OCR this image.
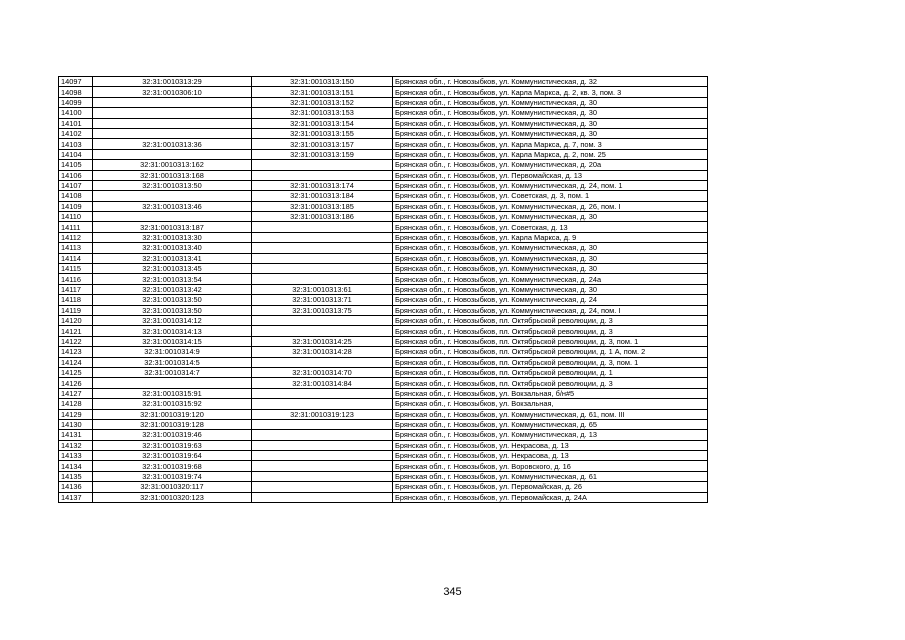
14097	32:31:0010313:29	32:31:0010313:150	Брянская обл., г. Новозыбков, ул. Коммунистическая, д. 32
14098	32:31:0010306:10	32:31:0010313:151	Брянская обл., г. Новозыбков, ул. Карла Маркса, д. 2, кв. 3, пом. 3
14099		32:31:0010313:152	Брянская обл., г. Новозыбков, ул. Коммунистическая, д. 30
14100		32:31:0010313:153	Брянская обл., г. Новозыбков, ул. Коммунистическая, д. 30
14101		32:31:0010313:154	Брянская обл., г. Новозыбков, ул. Коммунистическая, д. 30
14102		32:31:0010313:155	Брянская обл., г. Новозыбков, ул. Коммунистическая, д. 30
14103	32:31:0010313:36	32:31:0010313:157	Брянская обл., г. Новозыбков, ул. Карла Маркса, д. 7, пом. 3
14104		32:31:0010313:159	Брянская обл., г. Новозыбков, ул. Карла Маркса, д. 2, пом. 25
14105	32:31:0010313:162		Брянская обл., г. Новозыбков, ул. Коммунистическая, д. 20а
14106	32:31:0010313:168		Брянская обл., г. Новозыбков, ул. Первомайская, д. 13
14107	32:31:0010313:50	32:31:0010313:174	Брянская обл., г. Новозыбков, ул. Коммунистическая, д. 24, пом. 1
14108		32:31:0010313:184	Брянская обл., г. Новозыбков, ул. Советская, д. 3, пом. 1
14109	32:31:0010313:46	32:31:0010313:185	Брянская обл., г. Новозыбков, ул. Коммунистическая, д. 26, пом. I
14110		32:31:0010313:186	Брянская обл., г. Новозыбков, ул. Коммунистическая, д. 30
14111	32:31:0010313:187		Брянская обл., г. Новозыбков, ул. Советская, д. 13
14112	32:31:0010313:30		Брянская обл., г. Новозыбков, ул. Карла Маркса, д. 9
14113	32:31:0010313:40		Брянская обл., г. Новозыбков, ул. Коммунистическая, д. 30
14114	32:31:0010313:41		Брянская обл., г. Новозыбков, ул. Коммунистическая, д. 30
14115	32:31:0010313:45		Брянская обл., г. Новозыбков, ул. Коммунистическая, д. 30
14116	32:31:0010313:54		Брянская обл., г. Новозыбков, ул. Коммунистическая, д. 24а
14117	32:31:0010313:42	32:31:0010313:61	Брянская обл., г. Новозыбков, ул. Коммунистическая, д. 30
14118	32:31:0010313:50	32:31:0010313:71	Брянская обл., г. Новозыбков, ул. Коммунистическая, д. 24
14119	32:31:0010313:50	32:31:0010313:75	Брянская обл., г. Новозыбков, ул. Коммунистическая, д. 24, пом. I
14120	32:31:0010314:12		Брянская обл., г. Новозыбков, пл. Октябрьской революции, д. 3
14121	32:31:0010314:13		Брянская обл., г. Новозыбков, пл. Октябрьской революции, д. 3
14122	32:31:0010314:15	32:31:0010314:25	Брянская обл., г. Новозыбков, пл. Октябрьской революции, д. 3, пом. 1
14123	32:31:0010314:9	32:31:0010314:28	Брянская обл., г. Новозыбков, пл. Октябрьской революции, д. 1 А, пом. 2
14124	32:31:0010314:5		Брянская обл., г. Новозыбков, пл. Октябрьской революции, д. 3, пом. 1
14125	32:31:0010314:7	32:31:0010314:70	Брянская обл., г. Новозыбков, пл. Октябрьской революции, д. 1
14126		32:31:0010314:84	Брянская обл., г. Новозыбков, пл. Октябрьской революции, д. 3
14127	32:31:0010315:91		Брянская обл., г. Новозыбков, ул. Вокзальная, б/н#5
14128	32:31:0010315:92		Брянская обл., г. Новозыбков, ул. Вокзальная,
14129	32:31:0010319:120	32:31:0010319:123	Брянская обл., г. Новозыбков, ул. Коммунистическая, д. 61, пом. III
14130	32:31:0010319:128		Брянская обл., г. Новозыбков, ул. Коммунистическая, д. 65
14131	32:31:0010319:46		Брянская обл., г. Новозыбков, ул. Коммунистическая, д. 13
14132	32:31:0010319:63		Брянская обл., г. Новозыбков, ул. Некрасова, д. 13
14133	32:31:0010319:64		Брянская обл., г. Новозыбков, ул. Некрасова, д. 13
14134	32:31:0010319:68		Брянская обл., г. Новозыбков, ул. Воровского, д. 16
14135	32:31:0010319:74		Брянская обл., г. Новозыбков, ул. Коммунистическая, д. 61
14136	32:31:0010320:117		Брянская обл., г. Новозыбков, ул. Первомайская, д. 26
14137	32:31:0010320:123		Брянская обл., г. Новозыбков, ул. Первомайская, д. 24А
345
